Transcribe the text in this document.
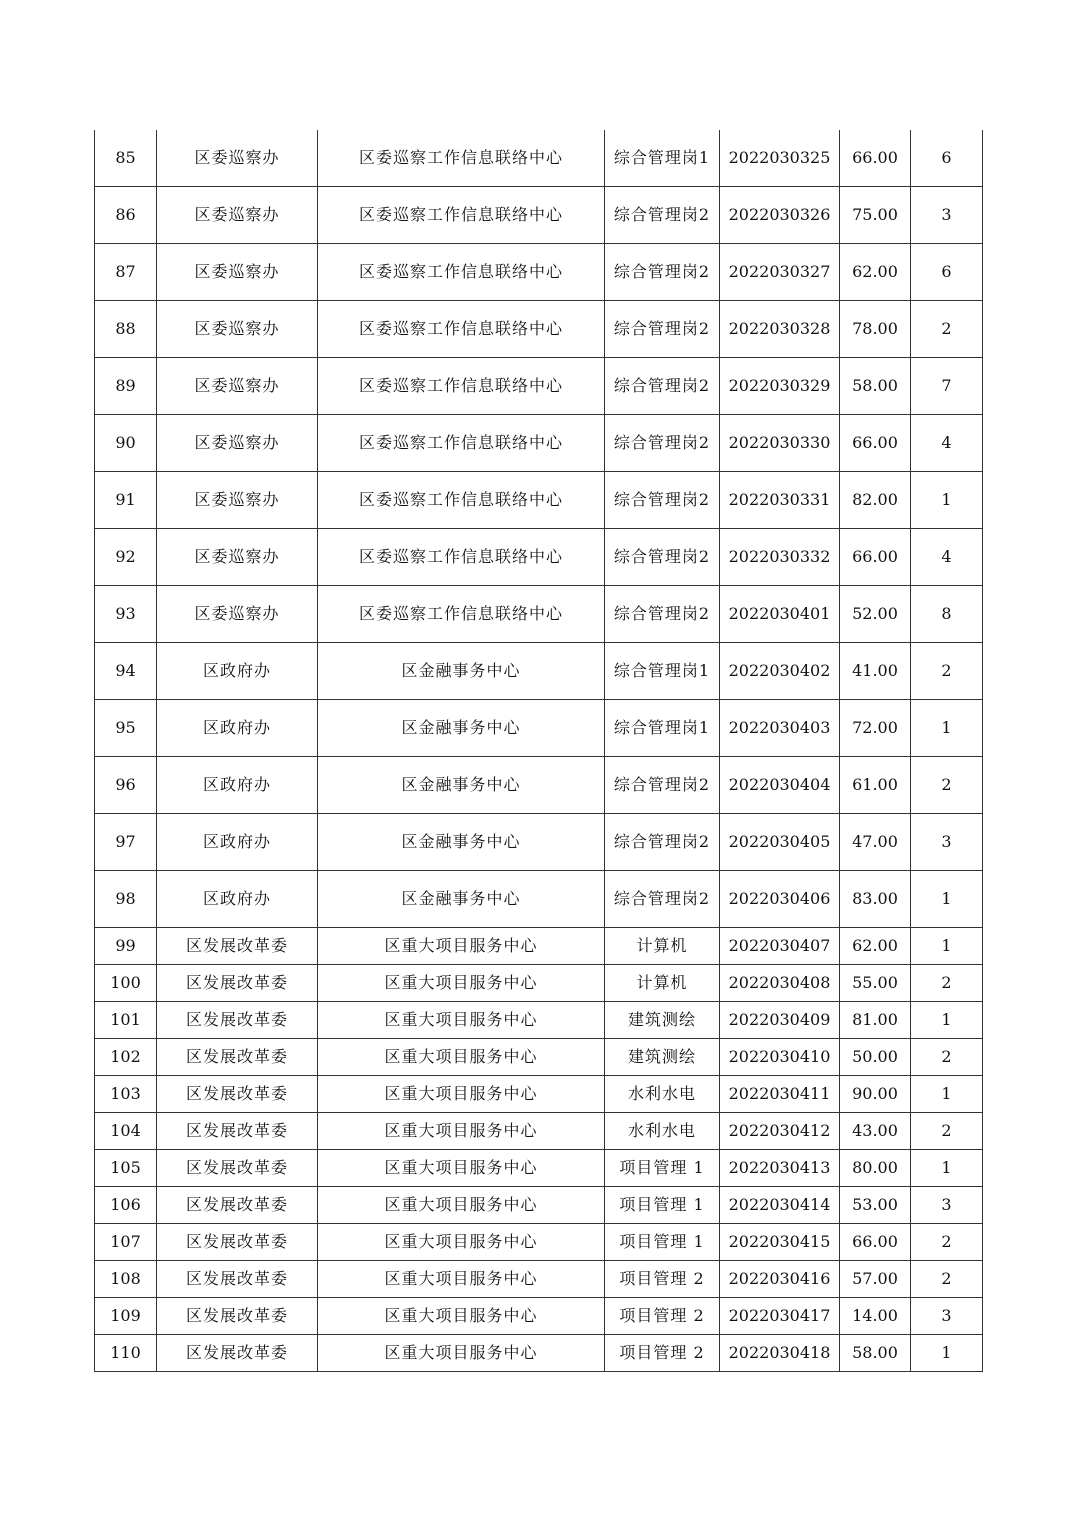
85	区委巡察办	区委巡察工作信息联络中心	综合管理岗1	2022030325	66.00	6
86	区委巡察办	区委巡察工作信息联络中心	综合管理岗2	2022030326	75.00	3
87	区委巡察办	区委巡察工作信息联络中心	综合管理岗2	2022030327	62.00	6
88	区委巡察办	区委巡察工作信息联络中心	综合管理岗2	2022030328	78.00	2
89	区委巡察办	区委巡察工作信息联络中心	综合管理岗2	2022030329	58.00	7
90	区委巡察办	区委巡察工作信息联络中心	综合管理岗2	2022030330	66.00	4
91	区委巡察办	区委巡察工作信息联络中心	综合管理岗2	2022030331	82.00	1
92	区委巡察办	区委巡察工作信息联络中心	综合管理岗2	2022030332	66.00	4
93	区委巡察办	区委巡察工作信息联络中心	综合管理岗2	2022030401	52.00	8
94	区政府办	区金融事务中心	综合管理岗1	2022030402	41.00	2
95	区政府办	区金融事务中心	综合管理岗1	2022030403	72.00	1
96	区政府办	区金融事务中心	综合管理岗2	2022030404	61.00	2
97	区政府办	区金融事务中心	综合管理岗2	2022030405	47.00	3
98	区政府办	区金融事务中心	综合管理岗2	2022030406	83.00	1
99	区发展改革委	区重大项目服务中心	计算机	2022030407	62.00	1
100	区发展改革委	区重大项目服务中心	计算机	2022030408	55.00	2
101	区发展改革委	区重大项目服务中心	建筑测绘	2022030409	81.00	1
102	区发展改革委	区重大项目服务中心	建筑测绘	2022030410	50.00	2
103	区发展改革委	区重大项目服务中心	水利水电	2022030411	90.00	1
104	区发展改革委	区重大项目服务中心	水利水电	2022030412	43.00	2
105	区发展改革委	区重大项目服务中心	项目管理 1	2022030413	80.00	1
106	区发展改革委	区重大项目服务中心	项目管理 1	2022030414	53.00	3
107	区发展改革委	区重大项目服务中心	项目管理 1	2022030415	66.00	2
108	区发展改革委	区重大项目服务中心	项目管理 2	2022030416	57.00	2
109	区发展改革委	区重大项目服务中心	项目管理 2	2022030417	14.00	3
110	区发展改革委	区重大项目服务中心	项目管理 2	2022030418	58.00	1
